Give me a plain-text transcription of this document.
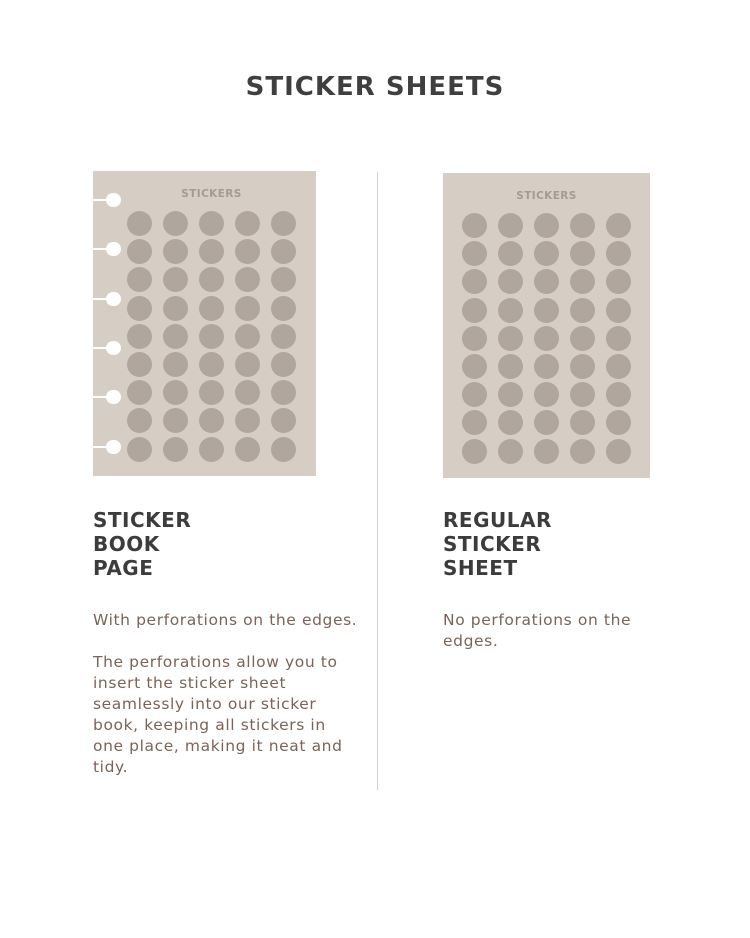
STICKER SHEETS
STICKERS	STICKERS
STICKER
BOOK
PAGE
REGULAR
STICKER
SHEET

With perforations on the edges.

The perforations allow you to insert the sticker sheet seamlessly into our sticker book, keeping all stickers in one place, making it neat and tidy.

No perforations on the edges.
